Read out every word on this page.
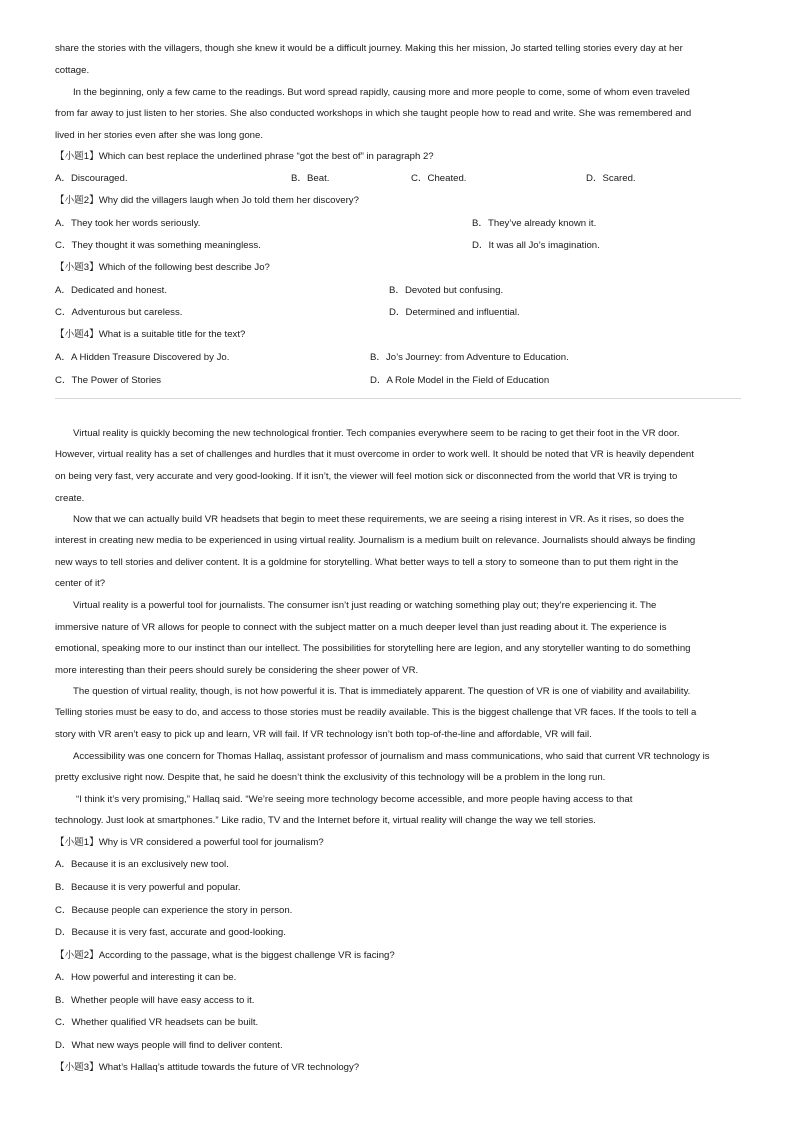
share the stories with the villagers, though she knew it would be a difficult journey. Making this her mission, Jo started telling stories every day at her
cottage.
In the beginning, only a few came to the readings. But word spread rapidly, causing more and more people to come, some of whom even traveled
from far away to just listen to her stories. She also conducted workshops in which she taught people how to read and write. She was remembered and
lived in her stories even after she was long gone.
【小题1】Which can best replace the underlined phrase “got the best of” in paragraph 2?
A．Discouraged.	B．Beat.	C．Cheated.	D．Scared.
【小题2】Why did the villagers laugh when Jo told them her discovery?
A．They took her words seriously.	B．They’ve already known it.
C．They thought it was something meaningless.	D．It was all Jo’s imagination.
【小题3】Which of the following best describe Jo?
A．Dedicated and honest.	B．Devoted but confusing.
C．Adventurous but careless.	D．Determined and influential.
【小题4】What is a suitable title for the text?
A．A Hidden Treasure Discovered by Jo.	B．Jo’s Journey: from Adventure to Education.
C．The Power of Stories	D．A Role Model in the Field of Education
Virtual reality is quickly becoming the new technological frontier. Tech companies everywhere seem to be racing to get their foot in the VR door.
However, virtual reality has a set of challenges and hurdles that it must overcome in order to work well. It should be noted that VR is heavily dependent
on being very fast, very accurate and very good-looking. If it isn’t, the viewer will feel motion sick or disconnected from the world that VR is trying to
create.
Now that we can actually build VR headsets that begin to meet these requirements, we are seeing a rising interest in VR. As it rises, so does the
interest in creating new media to be experienced in using virtual reality. Journalism is a medium built on relevance. Journalists should always be finding
new ways to tell stories and deliver content. It is a goldmine for storytelling. What better ways to tell a story to someone than to put them right in the
center of it?
Virtual reality is a powerful tool for journalists. The consumer isn’t just reading or watching something play out; they’re experiencing it. The
immersive nature of VR allows for people to connect with the subject matter on a much deeper level than just reading about it. The experience is
emotional, speaking more to our instinct than our intellect. The possibilities for storytelling here are legion, and any storyteller wanting to do something
more interesting than their peers should surely be considering the sheer power of VR.
The question of virtual reality, though, is not how powerful it is. That is immediately apparent. The question of VR is one of viability and availability.
Telling stories must be easy to do, and access to those stories must be readily available. This is the biggest challenge that VR faces. If the tools to tell a
story with VR aren’t easy to pick up and learn, VR will fail. If VR technology isn’t both top-of-the-line and affordable, VR will fail.
Accessibility was one concern for Thomas Hallaq, assistant professor of journalism and mass communications, who said that current VR technology is
pretty exclusive right now. Despite that, he said he doesn’t think the exclusivity of this technology will be a problem in the long run.
“I think it’s very promising,” Hallaq said. “We’re seeing more technology become accessible, and more people having access to that
technology. Just look at smartphones.” Like radio, TV and the Internet before it, virtual reality will change the way we tell stories.
【小题1】Why is VR considered a powerful tool for journalism?
A．Because it is an exclusively new tool.
B．Because it is very powerful and popular.
C．Because people can experience the story in person.
D．Because it is very fast, accurate and good-looking.
【小题2】According to the passage, what is the biggest challenge VR is facing?
A．How powerful and interesting it can be.
B．Whether people will have easy access to it.
C．Whether qualified VR headsets can be built.
D．What new ways people will find to deliver content.
【小题3】What’s Hallaq’s attitude towards the future of VR technology?
